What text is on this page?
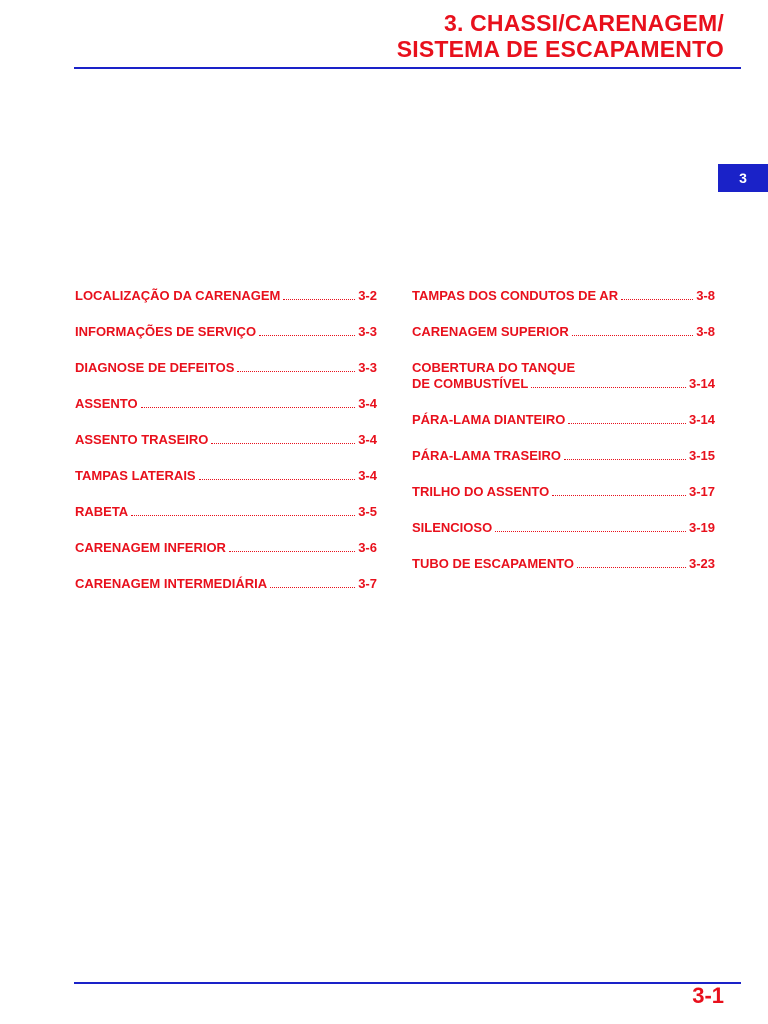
3. CHASSI/CARENAGEM/
SISTEMA DE ESCAPAMENTO
3
LOCALIZAÇÃO DA CARENAGEM	3-2
INFORMAÇÕES DE SERVIÇO	3-3
DIAGNOSE DE DEFEITOS	3-3
ASSENTO	3-4
ASSENTO TRASEIRO	3-4
TAMPAS LATERAIS	3-4
RABETA	3-5
CARENAGEM INFERIOR	3-6
CARENAGEM INTERMEDIÁRIA	3-7
TAMPAS DOS CONDUTOS DE AR	3-8
CARENAGEM SUPERIOR	3-8
COBERTURA DO TANQUE
DE COMBUSTÍVEL	3-14
PÁRA-LAMA DIANTEIRO	3-14
PÁRA-LAMA TRASEIRO	3-15
TRILHO DO ASSENTO	3-17
SILENCIOSO	3-19
TUBO DE ESCAPAMENTO	3-23
3-1
